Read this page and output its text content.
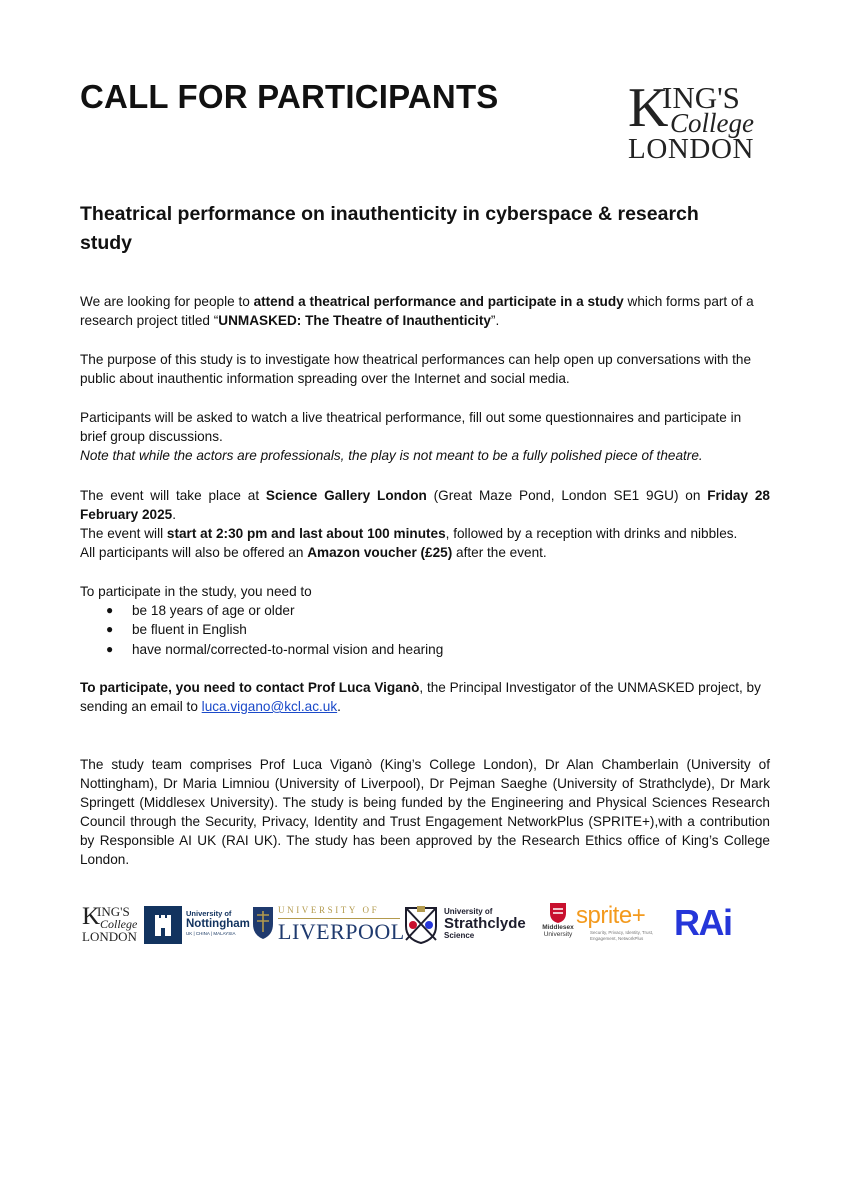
CALL FOR PARTICIPANTS K
ING'S
College
LONDON
Theatrical performance on inauthenticity in cyberspace & research study

We are looking for people to attend a theatrical performance and participate in a study which forms part of a research project titled “UNMASKED: The Theatre of Inauthenticity”.

The purpose of this study is to investigate how theatrical performances can help open up conversations with the public about inauthentic information spreading over the Internet and social media.

Participants will be asked to watch a live theatrical performance, fill out some questionnaires and participate in brief group discussions.
Note that while the actors are professionals, the play is not meant to be a fully polished piece of theatre.
The event will take place at Science Gallery London (Great Maze Pond, London SE1 9GU) on Friday 28 February 2025.
The event will start at 2:30 pm and last about 100 minutes, followed by a reception with drinks and nibbles.
All participants will also be offered an Amazon voucher (£25) after the event.
To participate in the study, you need to
● be 18 years of age or older
● be fluent in English
● have normal/corrected-to-normal vision and hearing

To participate, you need to contact Prof Luca Viganò, the Principal Investigator of the UNMASKED project, by sending an email to luca.vigano@kcl.ac.uk.

The study team comprises Prof Luca Viganò (King’s College London), Dr Alan Chamberlain (University of Nottingham), Dr Maria Limniou (University of Liverpool), Dr Pejman Saeghe (University of Strathclyde), Dr Mark Springett (Middlesex University). The study is being funded by the Engineering and Physical Sciences Research Council through the Security, Privacy, Identity and Trust Engagement NetworkPlus (SPRITE+),with a contribution by Responsible AI UK (RAI UK). The study has been approved by the Research Ethics office of King’s College London.

K
ING'S
College
LONDON
University of
Nottingham
UK | CHINA | MALAYSIA
UNIVERSITY OF
LIVERPOOL
University of
Strathclyde
Science
Middlesex
University
sprite+
Security, Privacy, Identity, Trust,
Engagement, NetworkPlus RAi
